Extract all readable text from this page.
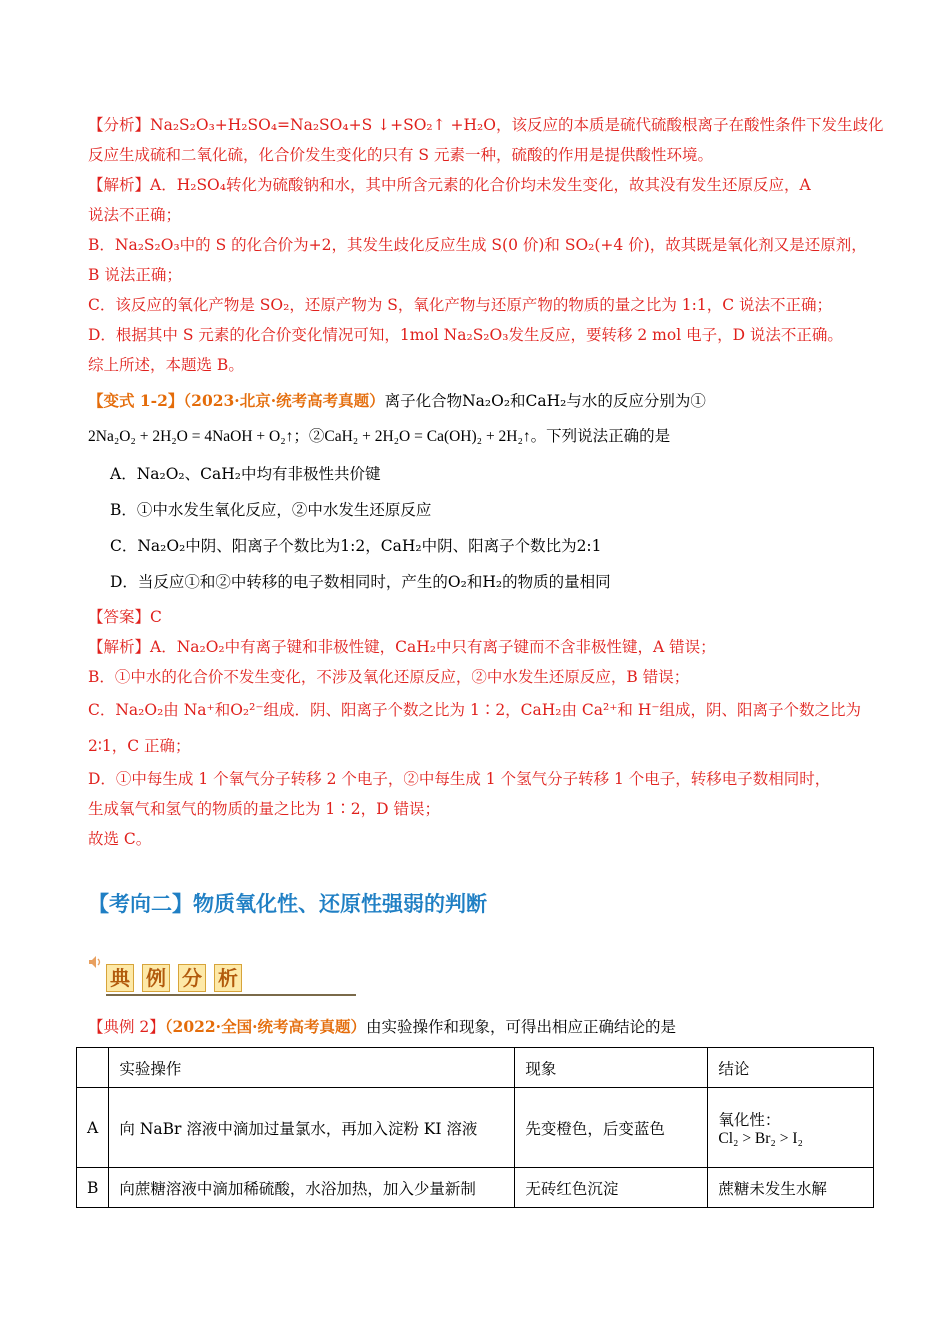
【分析】Na₂S₂O₃+H₂SO₄=Na₂SO₄+S ↓+SO₂↑ +H₂O，该反应的本质是硫代硫酸根离子在酸性条件下发生歧化
反应生成硫和二氧化硫，化合价发生变化的只有 S 元素一种，硫酸的作用是提供酸性环境。
【解析】A．H₂SO₄转化为硫酸钠和水，其中所含元素的化合价均未发生变化，故其没有发生还原反应，A
说法不正确；
B．Na₂S₂O₃中的 S 的化合价为+2，其发生歧化反应生成 S(0 价)和 SO₂(+4 价)，故其既是氧化剂又是还原剂，
B 说法正确；
C．该反应的氧化产物是 SO₂，还原产物为 S，氧化产物与还原产物的物质的量之比为 1:1，C 说法不正确；
D．根据其中 S 元素的化合价变化情况可知，1mol Na₂S₂O₃发生反应，要转移 2 mol 电子，D 说法不正确。
综上所述，本题选 B。
【变式 1-2】（2023·北京·统考高考真题）离子化合物Na₂O₂和CaH₂与水的反应分别为①
2Na₂O₂ + 2H₂O = 4NaOH + O₂↑；②CaH₂ + 2H₂O = Ca(OH)₂ + 2H₂↑。下列说法正确的是
A．Na₂O₂、CaH₂中均有非极性共价键
B．①中水发生氧化反应，②中水发生还原反应
C．Na₂O₂中阴、阳离子个数比为1:2，CaH₂中阴、阳离子个数比为2:1
D．当反应①和②中转移的电子数相同时，产生的O₂和H₂的物质的量相同
【答案】C
【解析】A．Na₂O₂中有离子键和非极性键，CaH₂中只有离子键而不含非极性键，A 错误；
B．①中水的化合价不发生变化，不涉及氧化还原反应，②中水发生还原反应，B 错误；
C．Na₂O₂由 Na⁺和O₂²⁻组成．阴、阳离子个数之比为 1∶2，CaH₂由 Ca²⁺和 H⁻组成，阴、阳离子个数之比为
2∶1，C 正确；
D．①中每生成 1 个氧气分子转移 2 个电子，②中每生成 1 个氢气分子转移 1 个电子，转移电子数相同时，
生成氧气和氢气的物质的量之比为 1∶2，D 错误；
故选 C。
【考向二】物质氧化性、还原性强弱的判断
典 例 分 析
【典例 2】（2022·全国·统考高考真题）由实验操作和现象，可得出相应正确结论的是
	实验操作	现象	结论
A	向 NaBr 溶液中滴加过量氯水，再加入淀粉 KI 溶液	先变橙色，后变蓝色	氧化性：
Cl₂ > Br₂ > I₂

B	向蔗糖溶液中滴加稀硫酸，水浴加热，加入少量新制	无砖红色沉淀	蔗糖未发生水解
